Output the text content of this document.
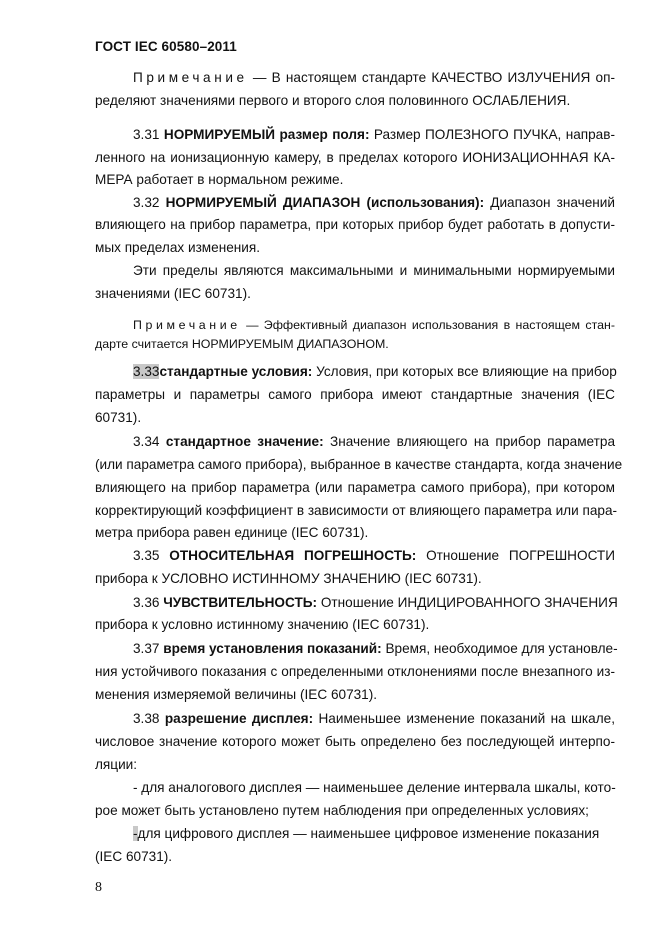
ГОСТ IEC 60580–2011
Примечание — В настоящем стандарте КАЧЕСТВО ИЗЛУЧЕНИЯ оп-
ределяют значениями первого и второго слоя половинного ОСЛАБЛЕНИЯ.
3.31 НОРМИРУЕМЫЙ размер поля: Размер ПОЛЕЗНОГО ПУЧКА, направ-
ленного на ионизационную камеру, в пределах которого ИОНИЗАЦИОННАЯ КА-
МЕРА работает в нормальном режиме.
3.32 НОРМИРУЕМЫЙ ДИАПАЗОН (использования): Диапазон значений
влияющего на прибор параметра, при которых прибор будет работать в допусти-
мых пределах изменения.
Эти пределы являются максимальными и минимальными нормируемыми
значениями (IEC 60731).
Примечание — Эффективный диапазон использования в настоящем стан-
дарте считается НОРМИРУЕМЫМ ДИАПАЗОНОМ.
3.33стандартные условия: Условия, при которых все влияющие на прибор
параметры и параметры самого прибора имеют стандартные значения (IEC
60731).
3.34 стандартное значение: Значение влияющего на прибор параметра
(или параметра самого прибора), выбранное в качестве стандарта, когда значение
влияющего на прибор параметра (или параметра самого прибора), при котором
корректирующий коэффициент в зависимости от влияющего параметра или пара-
метра прибора равен единице (IEC 60731).
3.35 ОТНОСИТЕЛЬНАЯ ПОГРЕШНОСТЬ: Отношение ПОГРЕШНОСТИ
прибора к УСЛОВНО ИСТИННОМУ ЗНАЧЕНИЮ (IEC 60731).
3.36 ЧУВСТВИТЕЛЬНОСТЬ: Отношение ИНДИЦИРОВАННОГО ЗНАЧЕНИЯ
прибора к условно истинному значению (IEC 60731).
3.37 время установления показаний: Время, необходимое для установле-
ния устойчивого показания с определенными отклонениями после внезапного из-
менения измеряемой величины (IEC 60731).
3.38 разрешение дисплея: Наименьшее изменение показаний на шкале,
числовое значение которого может быть определено без последующей интерпо-
ляции:
- для аналогового дисплея — наименьшее деление интервала шкалы, кото-
рое может быть установлено путем наблюдения при определенных условиях;
-для цифрового дисплея — наименьшее цифровое изменение показания
(IEC 60731).
8
